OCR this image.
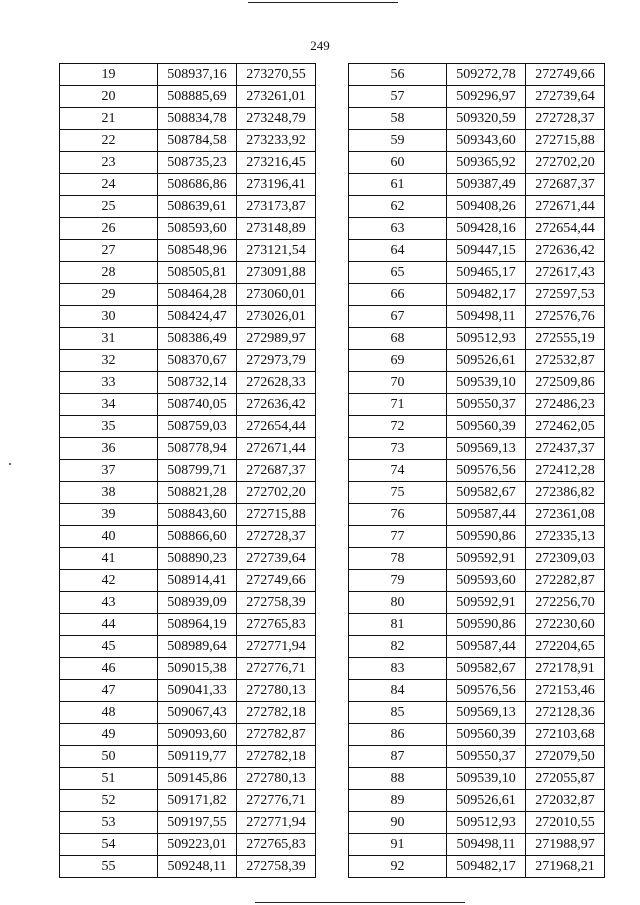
249
19	508937,16	273270,55
20	508885,69	273261,01
21	508834,78	273248,79
22	508784,58	273233,92
23	508735,23	273216,45
24	508686,86	273196,41
25	508639,61	273173,87
26	508593,60	273148,89
27	508548,96	273121,54
28	508505,81	273091,88
29	508464,28	273060,01
30	508424,47	273026,01
31	508386,49	272989,97
32	508370,67	272973,79
33	508732,14	272628,33
34	508740,05	272636,42
35	508759,03	272654,44
36	508778,94	272671,44
37	508799,71	272687,37
38	508821,28	272702,20
39	508843,60	272715,88
40	508866,60	272728,37
41	508890,23	272739,64
42	508914,41	272749,66
43	508939,09	272758,39
44	508964,19	272765,83
45	508989,64	272771,94
46	509015,38	272776,71
47	509041,33	272780,13
48	509067,43	272782,18
49	509093,60	272782,87
50	509119,77	272782,18
51	509145,86	272780,13
52	509171,82	272776,71
53	509197,55	272771,94
54	509223,01	272765,83
55	509248,11	272758,39
56	509272,78	272749,66
57	509296,97	272739,64
58	509320,59	272728,37
59	509343,60	272715,88
60	509365,92	272702,20
61	509387,49	272687,37
62	509408,26	272671,44
63	509428,16	272654,44
64	509447,15	272636,42
65	509465,17	272617,43
66	509482,17	272597,53
67	509498,11	272576,76
68	509512,93	272555,19
69	509526,61	272532,87
70	509539,10	272509,86
71	509550,37	272486,23
72	509560,39	272462,05
73	509569,13	272437,37
74	509576,56	272412,28
75	509582,67	272386,82
76	509587,44	272361,08
77	509590,86	272335,13
78	509592,91	272309,03
79	509593,60	272282,87
80	509592,91	272256,70
81	509590,86	272230,60
82	509587,44	272204,65
83	509582,67	272178,91
84	509576,56	272153,46
85	509569,13	272128,36
86	509560,39	272103,68
87	509550,37	272079,50
88	509539,10	272055,87
89	509526,61	272032,87
90	509512,93	272010,55
91	509498,11	271988,97
92	509482,17	271968,21
